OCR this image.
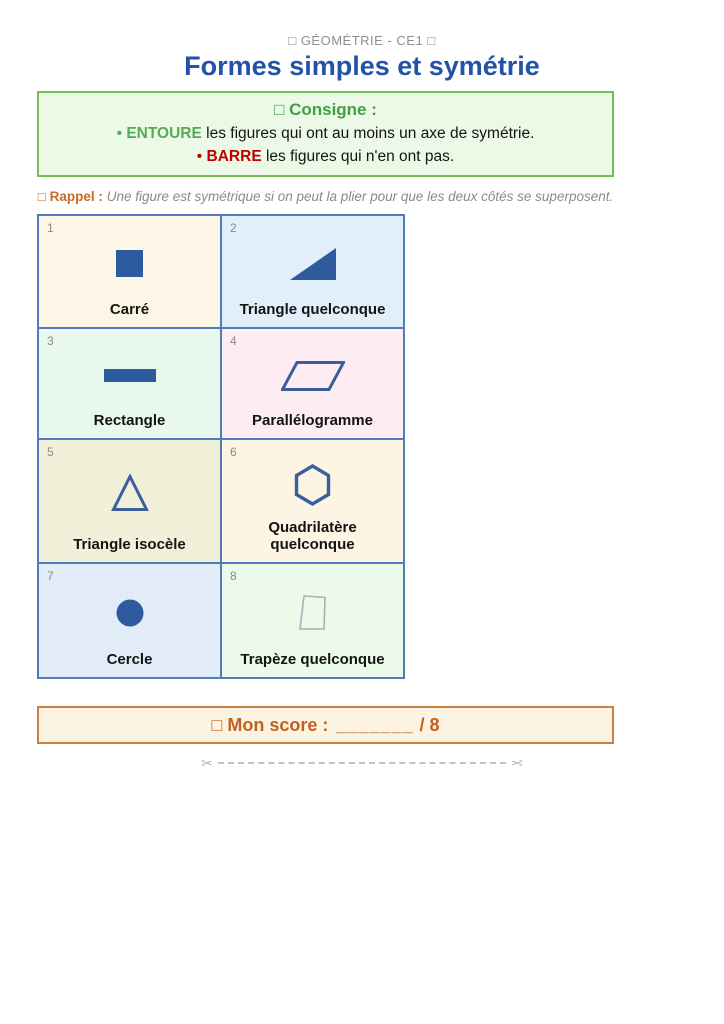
□ GÉOMÉTRIE - CE1 □
Formes simples et symétrie
□ Consigne :
• ENTOURE les figures qui ont au moins un axe de symétrie.
• BARRE les figures qui n'en ont pas.
□ Rappel : Une figure est symétrique si on peut la plier pour que les deux côtés se superposent.
1
Carré
2
Triangle quelconque
3
Rectangle
4
Parallélogramme
5
Triangle isocèle
6
Quadrilatère quelconque
7
Cercle
8
Trapèze quelconque
□ Mon score : _______ / 8
✂	✂
